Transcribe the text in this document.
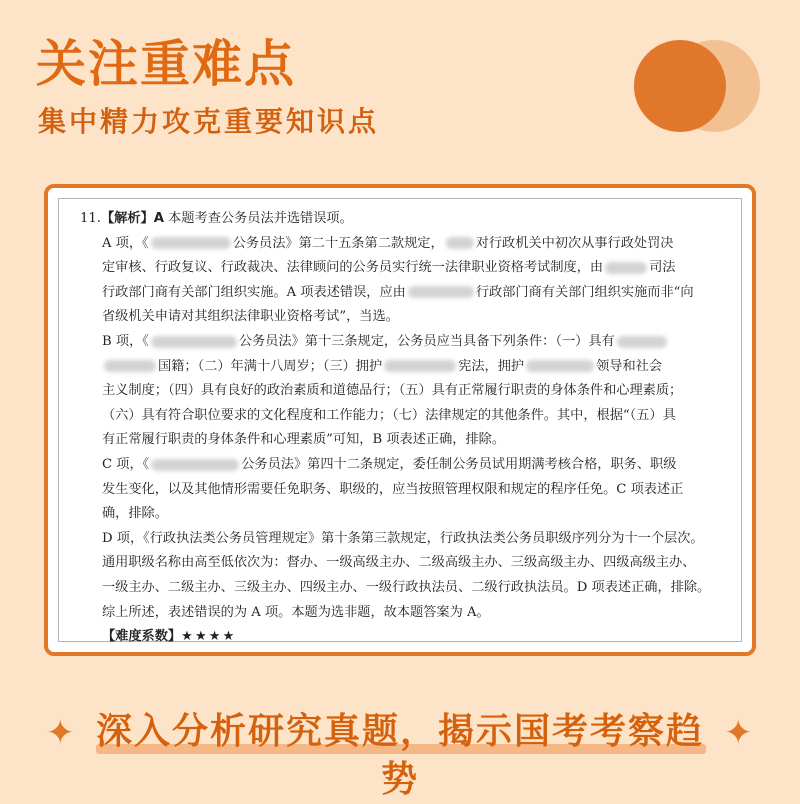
关注重难点
集中精力攻克重要知识点
11.【解析】A 本题考查公务员法并选错误项。
A 项，《	公务员法》第二十五条第二款规定， 对行政机关中初次从事行政处罚决
定审核、行政复议、行政裁决、法律顾问的公务员实行统一法律职业资格考试制度，由	司法
行政部门商有关部门组织实施。A 项表述错误，应由	行政部门商有关部门组织实施而非“向
省级机关申请对其组织法律职业资格考试”，当选。
B 项，《	公务员法》第十三条规定，公务员应当具备下列条件：（一）具有
国籍；（二）年满十八周岁；（三）拥护	宪法，拥护	领导和社会
主义制度；（四）具有良好的政治素质和道德品行；（五）具有正常履行职责的身体条件和心理素质；
（六）具有符合职位要求的文化程度和工作能力；（七）法律规定的其他条件。其中，根据“（五）具
有正常履行职责的身体条件和心理素质”可知，B 项表述正确，排除。
C 项，《	公务员法》第四十二条规定，委任制公务员试用期满考核合格，职务、职级
发生变化，以及其他情形需要任免职务、职级的，应当按照管理权限和规定的程序任免。C 项表述正
确，排除。
D 项，《行政执法类公务员管理规定》第十条第三款规定，行政执法类公务员职级序列分为十一个层次。
通用职级名称由高至低依次为：督办、一级高级主办、二级高级主办、三级高级主办、四级高级主办、
一级主办、二级主办、三级主办、四级主办、一级行政执法员、二级行政执法员。D 项表述正确，排除。
综上所述，表述错误的为 A 项。本题为选非题，故本题答案为 A。
【难度系数】★★★★
✦ 深入分析研究真题，揭示国考考察趋势
✦
